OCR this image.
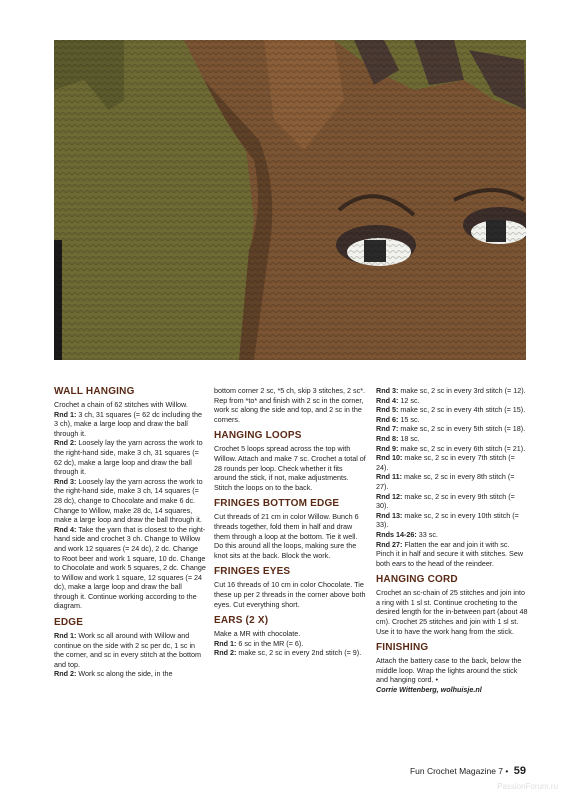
WALL HANGING

Crochet a chain of 62 stitches with Willow.

Rnd 1: 3 ch, 31 squares (= 62 dc including the 3 ch), make a large loop and draw the ball through it.

Rnd 2: Loosely lay the yarn across the work to the right-hand side, make 3 ch, 31 squares (= 62 dc), make a large loop and draw the ball through it.

Rnd 3: Loosely lay the yarn across the work to the right-hand side, make 3 ch, 14 squares (= 28 dc), change to Chocolate and make 6 dc. Change to Willow, make 28 dc, 14 squares, make a large loop and draw the ball through it.

Rnd 4: Take the yarn that is closest to the right-hand side and crochet 3 ch. Change to Willow and work 12 squares (= 24 dc), 2 dc. Change to Root beer and work 1 square, 10 dc. Change to Chocolate and work 5 squares, 2 dc. Change to Willow and work 1 square, 12 squares (= 24 dc), make a large loop and draw the ball through it. Continue working according to the diagram.

EDGE

Rnd 1: Work sc all around with Willow and continue on the side with 2 sc per dc, 1 sc in the corner, and sc in every stitch at the bottom and top.

Rnd 2: Work sc along the side, in the

bottom corner 2 sc, *5 ch, skip 3 stitches, 2 sc*. Rep from *to* and finish with 2 sc in the corner, work sc along the side and top, and 2 sc in the corners.

HANGING LOOPS

Crochet 5 loops spread across the top with Willow. Attach and make 7 sc. Crochet a total of 28 rounds per loop. Check whether it fits around the stick, if not, make adjustments. Stitch the loops on to the back.

FRINGES BOTTOM EDGE

Cut threads of 21 cm in color Willow. Bunch 6 threads together, fold them in half and draw them through a loop at the bottom. Tie it well. Do this around all the loops, making sure the knot sits at the back. Block the work.

FRINGES EYES

Cut 16 threads of 10 cm in color Chocolate. Tie these up per 2 threads in the corner above both eyes. Cut everything short.

EARS (2 X)

Make a MR with chocolate.

Rnd 1: 6 sc in the MR (= 6).

Rnd 2: make sc, 2 sc in every 2nd stitch (= 9).

Rnd 3: make sc, 2 sc in every 3rd stitch (= 12).

Rnd 4: 12 sc.

Rnd 5: make sc, 2 sc in every 4th stitch (= 15).

Rnd 6: 15 sc.

Rnd 7: make sc, 2 sc in every 5th stitch (= 18).

Rnd 8: 18 sc.

Rnd 9: make sc, 2 sc in every 6th stitch (= 21).

Rnd 10: make sc, 2 sc in every 7th stitch (= 24).

Rnd 11: make sc, 2 sc in every 8th stitch (= 27).

Rnd 12: make sc, 2 sc in every 9th stitch (= 30).

Rnd 13: make sc, 2 sc in every 10th stitch (= 33).

Rnds 14-26: 33 sc.

Rnd 27: Flatten the ear and join it with sc. Pinch it in half and secure it with stitches. Sew both ears to the head of the reindeer.

HANGING CORD

Crochet an sc-chain of 25 stitches and join into a ring with 1 sl st. Continue crocheting to the desired length for the in-between part (about 48 cm). Crochet 25 stitches and join with 1 sl st. Use it to have the work hang from the stick.

FINISHING

Attach the battery case to the back, below the middle loop. Wrap the lights around the stick and hanging cord. •

Corrie Wittenberg, wolhuisje.nl

Fun Crochet Magazine 7 • 59
PassionForum.ru
